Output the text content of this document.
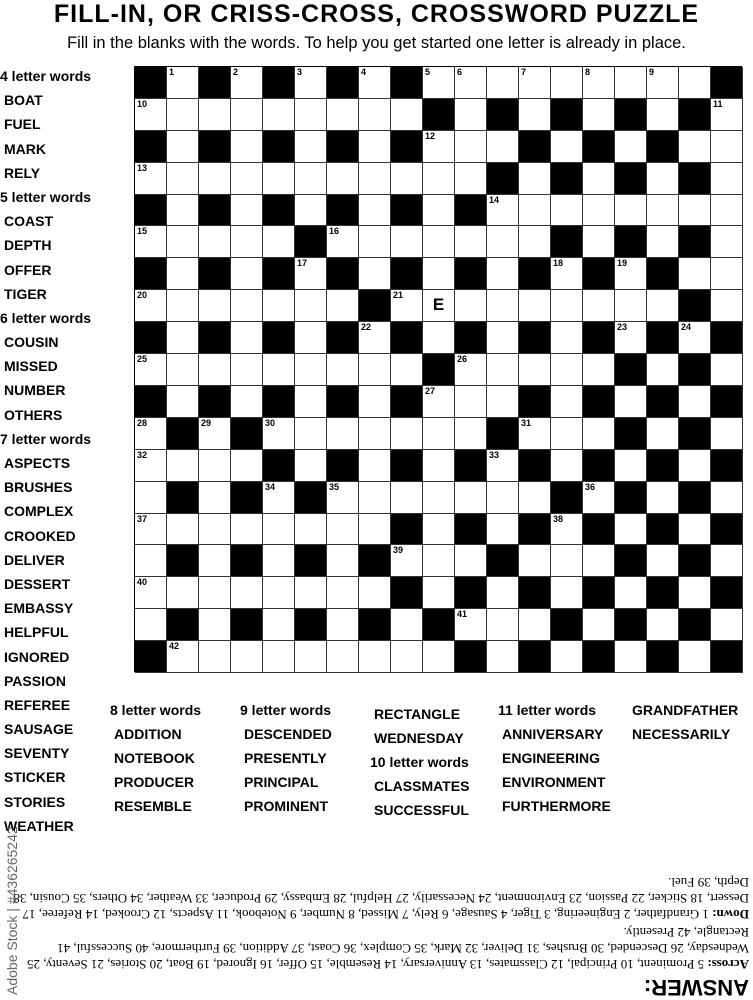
FILL-IN, OR CRISS-CROSS, CROSSWORD PUZZLE
Fill in the blanks with the words. To help you get started one letter is already in place.
4 letter words
BOAT
FUEL
MARK
RELY
5 letter words
COAST
DEPTH
OFFER
TIGER
6 letter words
COUSIN
MISSED
NUMBER
OTHERS
7 letter words
ASPECTS
BRUSHES
COMPLEX
CROOKED
DELIVER
DESSERT
EMBASSY
HELPFUL
IGNORED
PASSION
REFEREE
SAUSAGE
SEVENTY
STICKER
STORIES
WEATHER
8 letter words
ADDITION
NOTEBOOK
PRODUCER
RESEMBLE
9 letter words
DESCENDED
PRESENTLY
PRINCIPAL
PROMINENT
RECTANGLE
WEDNESDAY
10 letter words
CLASSMATES
SUCCESSFUL
11 letter words
ANNIVERSARY
ENGINEERING
ENVIRONMENT
FURTHERMORE
GRANDFATHER
NECESSARILY
1	2	3	4	5	6	7	8	9
10	11
12
13
14
15	16
17	18	19
20	21	E
22	23	24
25	26
27
28	29	30	31
32	33
34	35	36
37	38
39
40
41
42
ANSWER:

Across: 5 Prominent, 10 Principal, 12 Classmates, 13 Anniversary, 14 Resemble, 15 Offer, 16 Ignored, 19 Boat, 20 Stories, 21 Seventy, 25 Wednesday, 26 Descended, 30 Brushes, 31 Deliver, 32 Mark, 35 Complex, 36 Coast, 37 Addition, 39 Furthermore, 40 Successful, 41 Rectangle, 42 Presently.

Down: 1 Grandfather, 2 Engineering, 3 Tiger, 4 Sausage, 6 Rely, 7 Missed, 8 Number, 9 Notebook, 11 Aspects, 12 Crooked, 14 Referee, 17 Dessert, 18 Sticker, 22 Passion, 23 Environment, 24 Necessarily, 27 Helpful, 28 Embassy, 29 Producer, 33 Weather, 34 Others, 35 Cousin, 38 Depth, 39 Fuel.

Adobe Stock | #436265242
